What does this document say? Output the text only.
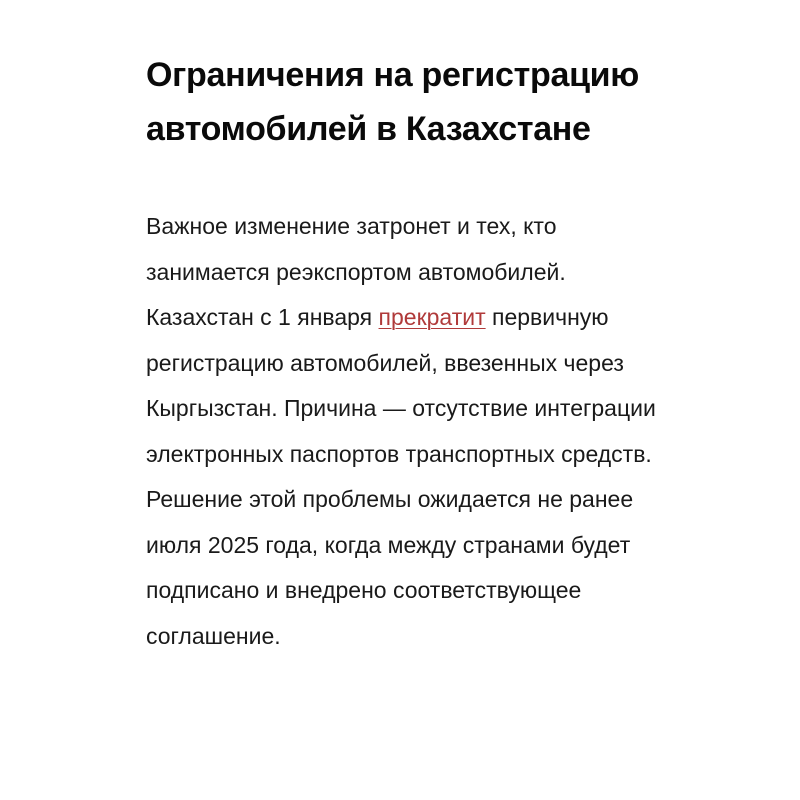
Ограничения на регистрацию автомобилей в Казахстане

Важное изменение затронет и тех, кто занимается реэкспортом автомобилей. Казахстан с 1 января прекратит первичную регистрацию автомобилей, ввезенных через Кыргызстан. Причина — отсутствие интеграции электронных паспортов транспортных средств. Решение этой проблемы ожидается не ранее июля 2025 года, когда между странами будет подписано и внедрено соответствующее соглашение.
